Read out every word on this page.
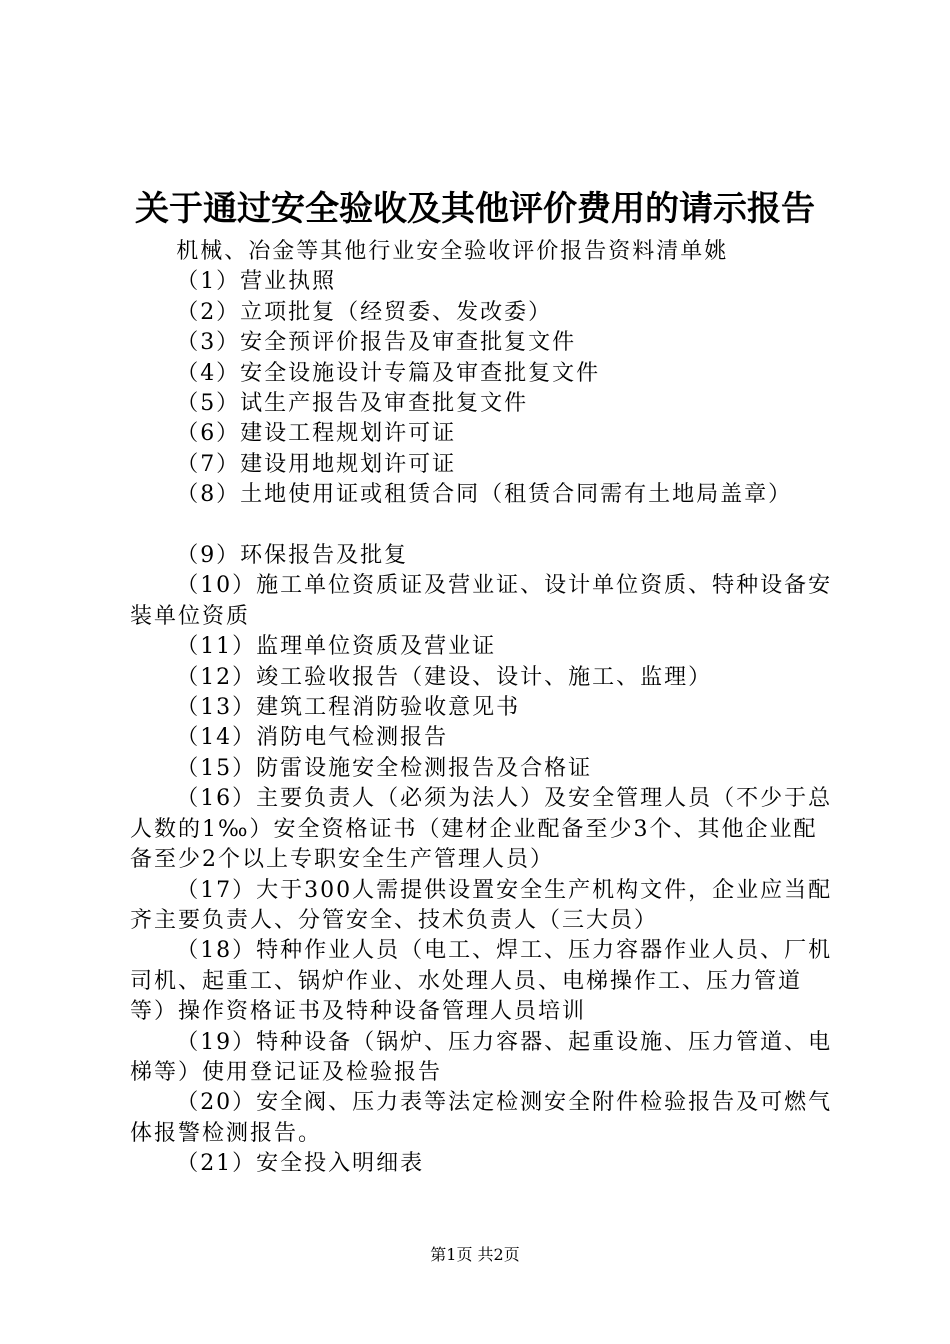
关于通过安全验收及其他评价费用的请示报告

机械、冶金等其他行业安全验收评价报告资料清单姚

（1）营业执照

（2）立项批复（经贸委、发改委）

（3）安全预评价报告及审查批复文件

（4）安全设施设计专篇及审查批复文件

（5）试生产报告及审查批复文件

（6）建设工程规划许可证

（7）建设用地规划许可证

（8）土地使用证或租赁合同（租赁合同需有土地局盖章）

（9）环保报告及批复

（10）施工单位资质证及营业证、设计单位资质、特种设备安装单位资质

（11）监理单位资质及营业证

（12）竣工验收报告（建设、设计、施工、监理）

（13）建筑工程消防验收意见书

（14）消防电气检测报告

（15）防雷设施安全检测报告及合格证

（16）主要负责人（必须为法人）及安全管理人员（不少于总人数的1‰）安全资格证书（建材企业配备至少3个、其他企业配备至少2个以上专职安全生产管理人员）

（17）大于300人需提供设置安全生产机构文件，企业应当配齐主要负责人、分管安全、技术负责人（三大员）

（18）特种作业人员（电工、焊工、压力容器作业人员、厂机司机、起重工、锅炉作业、水处理人员、电梯操作工、压力管道等）操作资格证书及特种设备管理人员培训

（19）特种设备（锅炉、压力容器、起重设施、压力管道、电梯等）使用登记证及检验报告

（20）安全阀、压力表等法定检测安全附件检验报告及可燃气体报警检测报告。

（21）安全投入明细表

第1页 共2页
